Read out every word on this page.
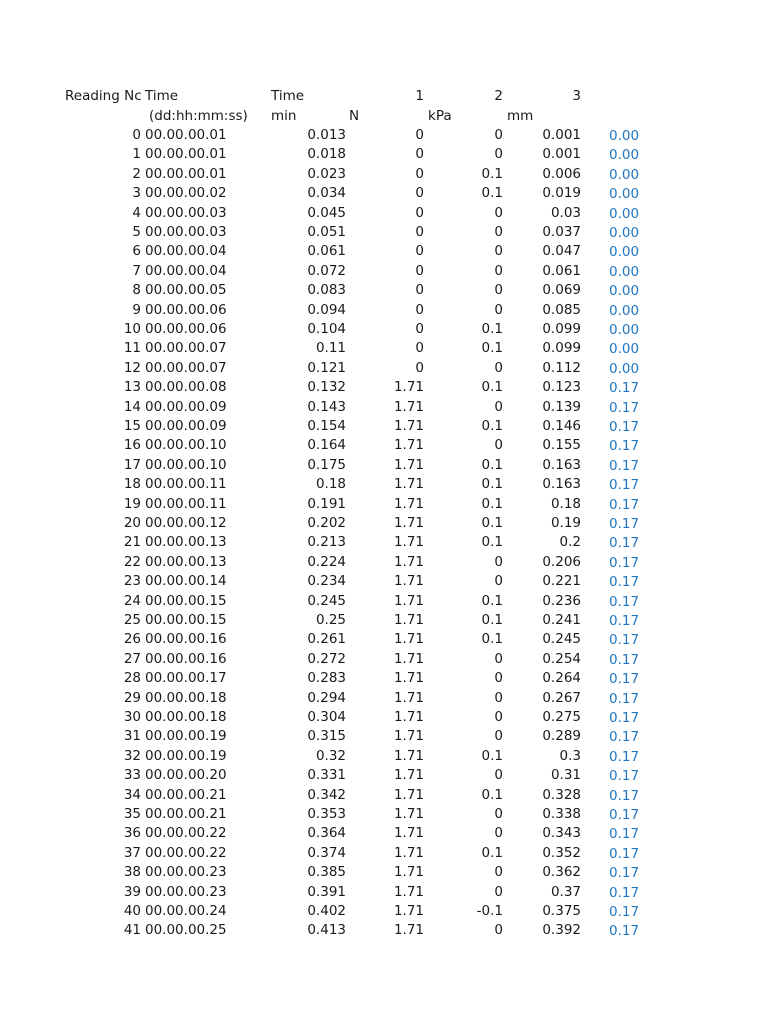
Reading Nc Time	Time	1	2	3
(dd:hh:mm:ss) min	N	kPa	mm
0 00.00.00.01	0.013	0	0	0.001 0.00
1 00.00.00.01	0.018	0	0	0.001 0.00
2 00.00.00.01	0.023	0	0.1	0.006 0.00
3 00.00.00.02	0.034	0	0.1	0.019 0.00
4 00.00.00.03	0.045	0	0	0.03 0.00
5 00.00.00.03	0.051	0	0	0.037 0.00
6 00.00.00.04	0.061	0	0	0.047 0.00
7 00.00.00.04	0.072	0	0	0.061 0.00
8 00.00.00.05	0.083	0	0	0.069 0.00
9 00.00.00.06	0.094	0	0	0.085 0.00
10 00.00.00.06	0.104	0	0.1	0.099 0.00
11 00.00.00.07	0.11	0	0.1	0.099 0.00
12 00.00.00.07	0.121	0	0	0.112 0.00
13 00.00.00.08	0.132	1.71	0.1	0.123 0.17
14 00.00.00.09	0.143	1.71	0	0.139 0.17
15 00.00.00.09	0.154	1.71	0.1	0.146 0.17
16 00.00.00.10	0.164	1.71	0	0.155 0.17
17 00.00.00.10	0.175	1.71	0.1	0.163 0.17
18 00.00.00.11	0.18	1.71	0.1	0.163 0.17
19 00.00.00.11	0.191	1.71	0.1	0.18 0.17
20 00.00.00.12	0.202	1.71	0.1	0.19 0.17
21 00.00.00.13	0.213	1.71	0.1	0.2 0.17
22 00.00.00.13	0.224	1.71	0	0.206 0.17
23 00.00.00.14	0.234	1.71	0	0.221 0.17
24 00.00.00.15	0.245	1.71	0.1	0.236 0.17
25 00.00.00.15	0.25	1.71	0.1	0.241 0.17
26 00.00.00.16	0.261	1.71	0.1	0.245 0.17
27 00.00.00.16	0.272	1.71	0	0.254 0.17
28 00.00.00.17	0.283	1.71	0	0.264 0.17
29 00.00.00.18	0.294	1.71	0	0.267 0.17
30 00.00.00.18	0.304	1.71	0	0.275 0.17
31 00.00.00.19	0.315	1.71	0	0.289 0.17
32 00.00.00.19	0.32	1.71	0.1	0.3 0.17
33 00.00.00.20	0.331	1.71	0	0.31 0.17
34 00.00.00.21	0.342	1.71	0.1	0.328 0.17
35 00.00.00.21	0.353	1.71	0	0.338 0.17
36 00.00.00.22	0.364	1.71	0	0.343 0.17
37 00.00.00.22	0.374	1.71	0.1	0.352 0.17
38 00.00.00.23	0.385	1.71	0	0.362 0.17
39 00.00.00.23	0.391	1.71	0	0.37 0.17
40 00.00.00.24	0.402	1.71	-0.1	0.375 0.17
41 00.00.00.25	0.413	1.71	0	0.392 0.17
